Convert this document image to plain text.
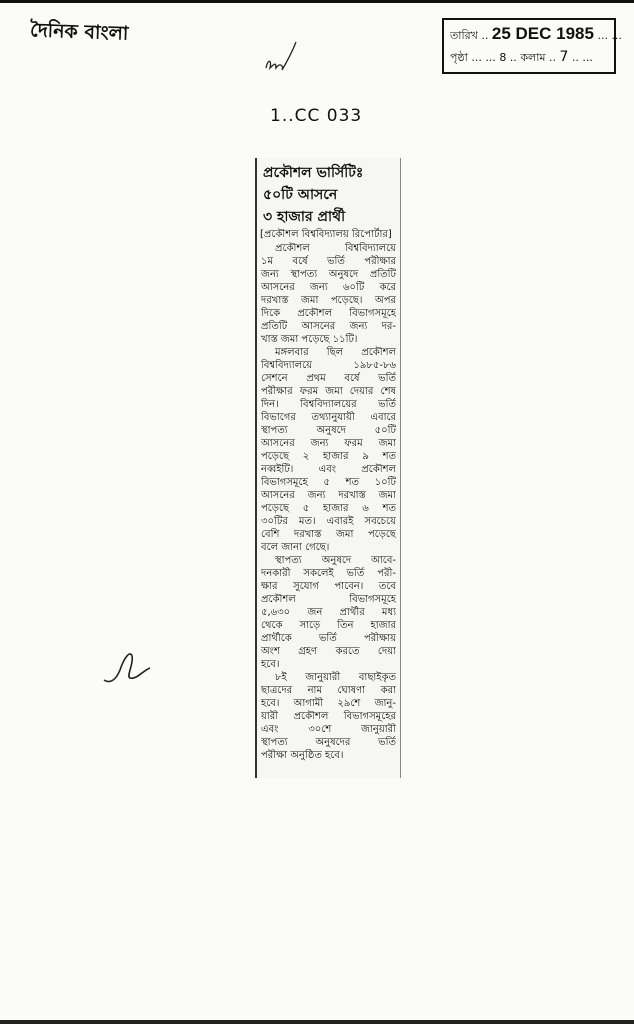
দৈনিক বাংলা	তারিখ .. 25 DEC 1985 ... ...
পৃষ্ঠা ... ... 8 .. কলাম .. 7 .. ...
1..CC 033
প্রকৌশল ভার্সিটিঃ
৫০টি আসনে
৩ হাজার প্রার্থী
[প্রকৌশল বিশ্ববিদ্যালয় রিপোর্টার]
প্রকৌশল বিশ্ববিদ্যালয়ে
১ম বর্ষে ভর্তি পরীক্ষার
জন্য স্থাপত্য অনুষদে প্রতিটি
আসনের জন্য ৬০টি করে
দরখাস্ত জমা পড়েছে। অপর
দিকে প্রকৌশল বিভাগসমূহে
প্রতিটি আসনের জন্য দর-
খাস্ত জমা পড়েছে ১১টি।
মঙ্গলবার ছিল প্রকৌশল
বিশ্ববিদ্যালয়ে ১৯৮৫-৮৬
সেশনে প্রথম বর্ষে ভর্তি
পরীক্ষার ফরম জমা দেয়ার শেষ
দিন। বিশ্ববিদ্যালয়ের ভর্তি
বিভাগের তথ্যানুযায়ী এবারে
স্থাপত্য অনুষদে ৫০টি
আসনের জন্য ফরম জমা
পড়েছে ২ হাজার ৯ শত
নব্বইটি। এবং প্রকৌশল
বিভাগসমূহে ৫ শত ১০টি
আসনের জন্য দরখাস্ত জমা
পড়েছে ৫ হাজার ৬ শত
৩০টির মত। এবারই সবচেয়ে
বেশি দরখাস্ত জমা পড়েছে
বলে জানা গেছে।
স্থাপত্য অনুষদে আবে-
দনকারী সকলেই ভর্তি পরী-
ক্ষার সুযোগ পাবেন। তবে
প্রকৌশল বিভাগসমূহে
৫,৬৩০ জন প্রার্থীর মধ্য
থেকে সাড়ে তিন হাজার
প্রার্থীকে ভর্তি পরীক্ষায়
অংশ গ্রহণ করতে দেয়া
হবে।
৮ই জানুয়ারী বাছাইকৃত
ছাত্রদের নাম ঘোষণা করা
হবে। আগামী ২৯শে জানু-
য়ারী প্রকৌশল বিভাগসমূহের
এবং ৩০শে জানুয়ারী
স্থাপত্য অনুষদের ভর্তি
পরীক্ষা অনুষ্ঠিত হবে।
